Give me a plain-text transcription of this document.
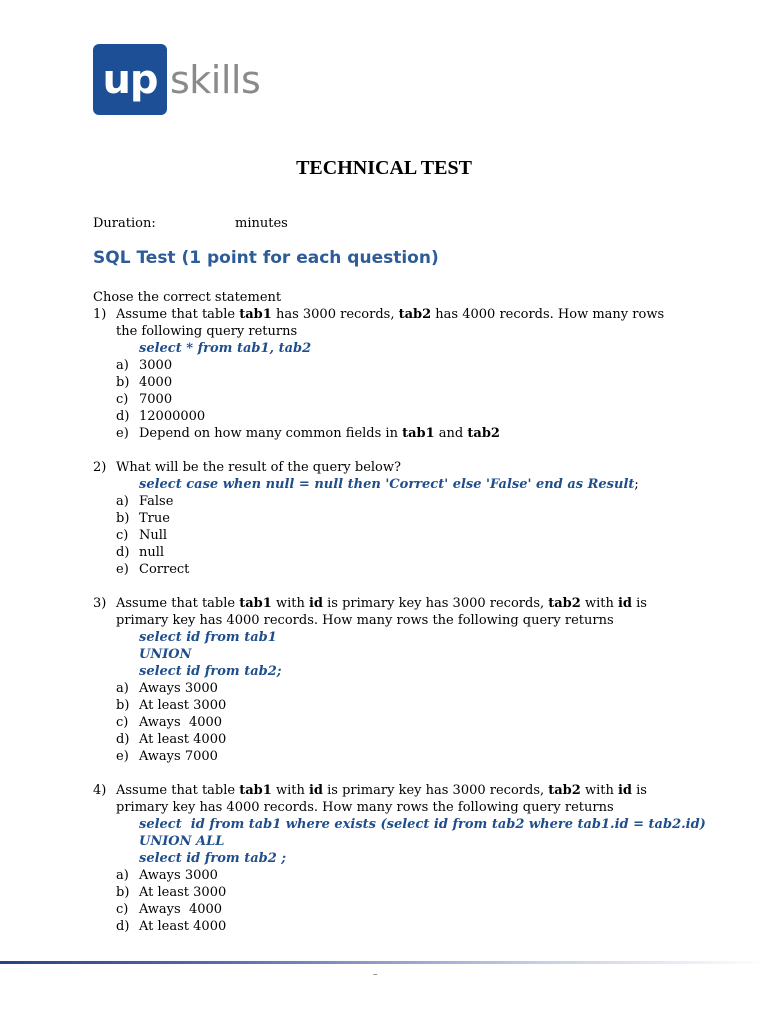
up skills
TECHNICAL TEST
Duration:	minutes
SQL Test (1 point for each question)
Chose the correct statement
1) Assume that table tab1 has 3000 records, tab2 has 4000 records. How many rows the following query returns
select * from tab1, tab2
a) 3000
b) 4000
c) 7000
d) 12000000
e) Depend on how many common fields in tab1 and tab2
2) What will be the result of the query below?
select case when null = null then 'Correct' else 'False' end as Result;
a) False
b) True
c) Null
d) null
e) Correct
3) Assume that table tab1 with id is primary key has 3000 records, tab2 with id is primary key has 4000 records. How many rows the following query returns
select id from tab1
UNION
select id from tab2;
a) Aways 3000
b) At least 3000
c) Aways  4000
d) At least 4000
e) Aways 7000
4) Assume that table tab1 with id is primary key has 3000 records, tab2 with id is primary key has 4000 records. How many rows the following query returns
select  id from tab1 where exists (select id from tab2 where tab1.id = tab2.id)
UNION ALL
select id from tab2 ;
a) Aways 3000
b) At least 3000
c) Aways  4000
d) At least 4000
–
